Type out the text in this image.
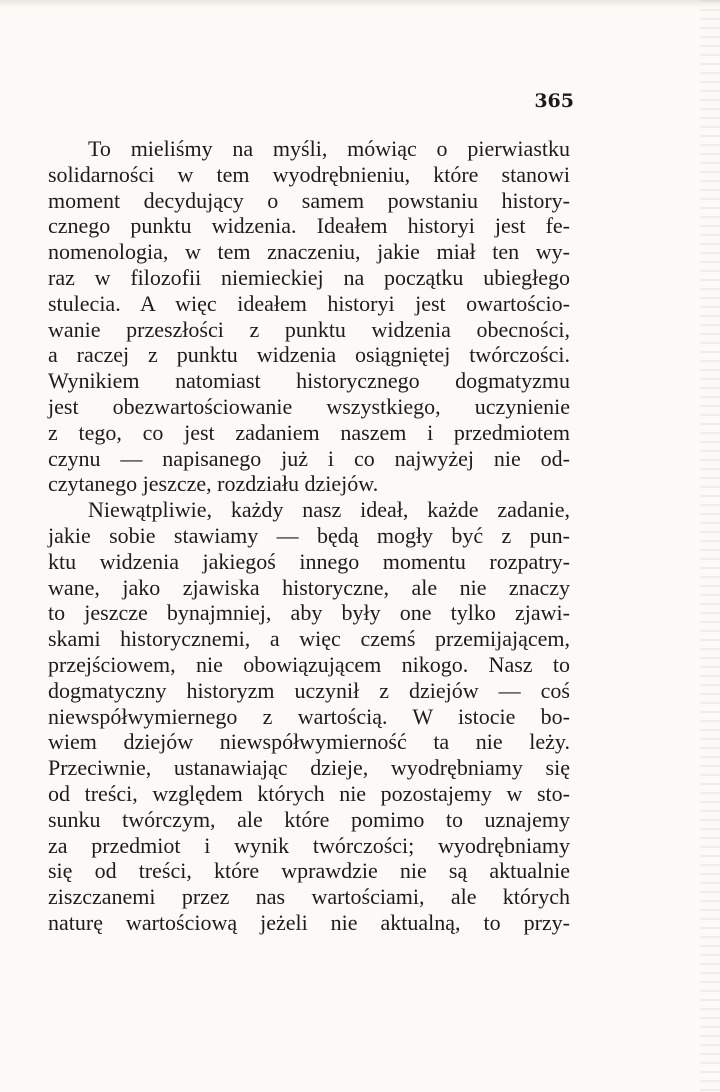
365
To mieliśmy na myśli, mówiąc o pierwiastku
solidarności w tem wyodrębnieniu, które stanowi
moment decydujący o samem powstaniu history-
cznego punktu widzenia. Ideałem historyi jest fe-
nomenologia, w tem znaczeniu, jakie miał ten wy-
raz w filozofii niemieckiej na początku ubiegłego
stulecia. A więc ideałem historyi jest owartościo-
wanie przeszłości z punktu widzenia obecności,
a raczej z punktu widzenia osiągniętej twórczości.
Wynikiem natomiast historycznego dogmatyzmu
jest obezwartościowanie wszystkiego, uczynienie
z tego, co jest zadaniem naszem i przedmiotem
czynu — napisanego już i co najwyżej nie od-
czytanego jeszcze, rozdziału dziejów.
Niewątpliwie, każdy nasz ideał, każde zadanie,
jakie sobie stawiamy — będą mogły być z pun-
ktu widzenia jakiegoś innego momentu rozpatry-
wane, jako zjawiska historyczne, ale nie znaczy
to jeszcze bynajmniej, aby były one tylko zjawi-
skami historycznemi, a więc czemś przemijającem,
przejściowem, nie obowiązującem nikogo. Nasz to
dogmatyczny historyzm uczynił z dziejów — coś
niewspółwymiernego z wartością. W istocie bo-
wiem dziejów niewspółwymierność ta nie leży.
Przeciwnie, ustanawiając dzieje, wyodrębniamy się
od treści, względem których nie pozostajemy w sto-
sunku twórczym, ale które pomimo to uznajemy
za przedmiot i wynik twórczości; wyodrębniamy
się od treści, które wprawdzie nie są aktualnie
ziszczanemi przez nas wartościami, ale których
naturę wartościową jeżeli nie aktualną, to przy-
